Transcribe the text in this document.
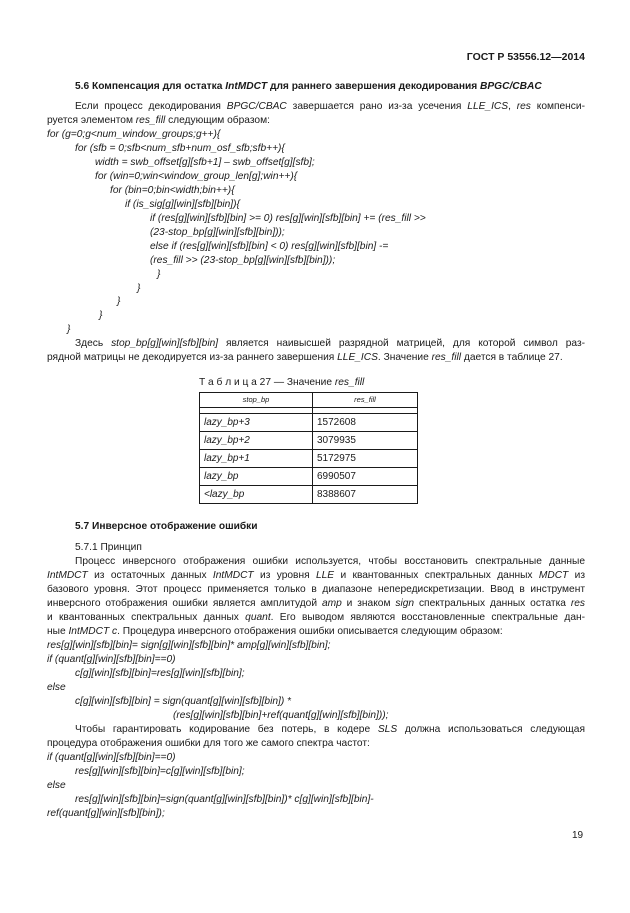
ГОСТ Р 53556.12—2014
5.6 Компенсация для остатка IntMDCT для раннего завершения декодирования BPGC/CBAC
Если процесс декодирования BPGC/CBAC завершается рано из-за усечения LLE_ICS, res компенси-
руется элементом res_fill следующим образом:
for (g=0;g<num_window_groups;g++){
for (sfb = 0;sfb<num_sfb+num_osf_sfb;sfb++){
width = swb_offset[g][sfb+1] – swb_offset[g][sfb];
for (win=0;win<window_group_len[g];win++){
for (bin=0;bin<width;bin++){
if (is_sig[g][win][sfb][bin]){
if (res[g][win][sfb][bin] >= 0) res[g][win][sfb][bin] += (res_fill >>
(23-stop_bp[g][win][sfb][bin]));
else if (res[g][win][sfb][bin] < 0) res[g][win][sfb][bin] -=
(res_fill >> (23-stop_bp[g][win][sfb][bin]));
}
}
}
}
}
Здесь stop_bp[g][win][sfb][bin] является наивысшей разрядной матрицей, для которой символ раз-
рядной матрицы не декодируется из-за раннего завершения LLE_ICS. Значение res_fill дается в таблице 27.
Т а б л и ц а 27 — Значение res_fill
stop_bp	res_fill

lazy_bp+3	1572608
lazy_bp+2	3079935
lazy_bp+1	5172975
lazy_bp	6990507
<lazy_bp	8388607
5.7 Инверсное отображение ошибки
5.7.1 Принцип
Процесс инверсного отображения ошибки используется, чтобы восстановить спектральные данные
IntMDCT из остаточных данных IntMDCT из уровня LLE и квантованных спектральных данных MDCT из
базового уровня. Этот процесс применяется только в диапазоне непередискретизации. Ввод в инструмент
инверсного отображения ошибки является амплитудой amp и знаком sign спектральных данных остатка res
и квантованных спектральных данных quant. Его выводом являются восстановленные спектральные дан-
ные IntMDCT c. Процедура инверсного отображения ошибки описывается следующим образом:
res[g][win][sfb][bin]= sign[g][win][sfb][bin]* amp[g][win][sfb][bin];
if (quant[g][win][sfb][bin]==0)
c[g][win][sfb][bin]=res[g][win][sfb][bin];
else
c[g][win][sfb][bin] = sign(quant[g][win][sfb][bin]) *
(res[g][win][sfb][bin]+ref(quant[g][win][sfb][bin]));
Чтобы гарантировать кодирование без потерь, в кодере SLS должна использоваться следующая
процедура отображения ошибки для того же самого спектра частот:
if (quant[g][win][sfb][bin]==0)
res[g][win][sfb][bin]=c[g][win][sfb][bin];
else
res[g][win][sfb][bin]=sign(quant[g][win][sfb][bin])* c[g][win][sfb][bin]-
ref(quant[g][win][sfb][bin]);
19
